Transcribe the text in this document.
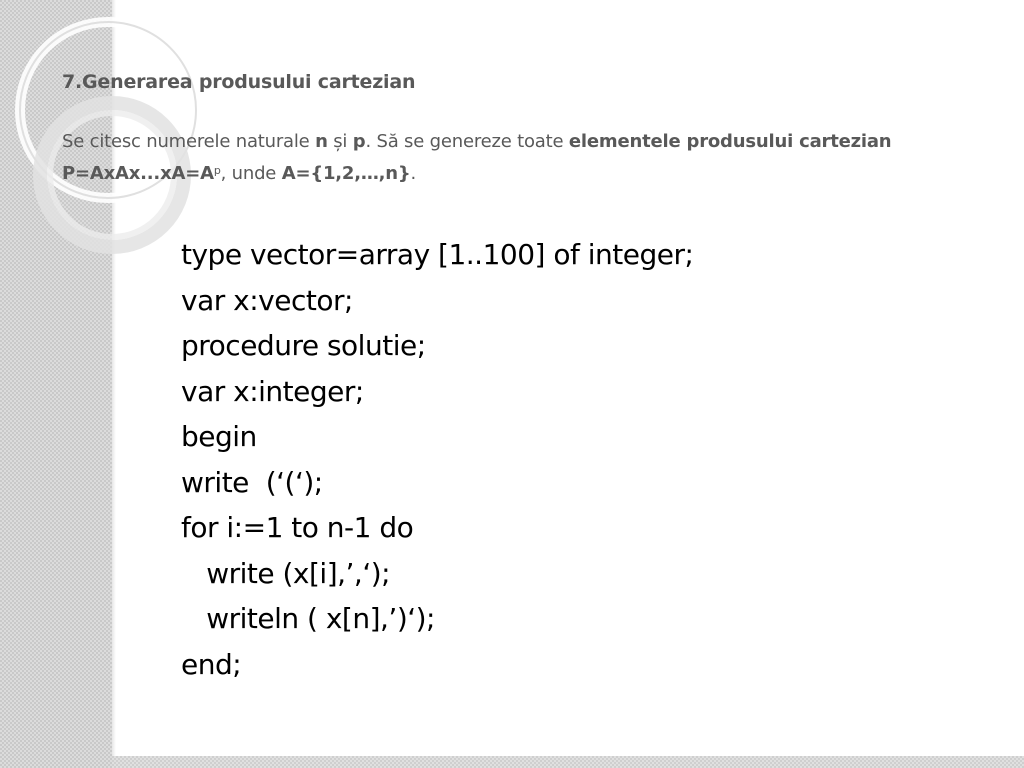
7.Generarea produsului cartezian

Se citesc numerele naturale n și p. Să se genereze toate elementele produsului cartezian $P=AxAx...xA=A^p$, unde A={1,2,…,n}.

type vector=array [1..100] of integer;
var x:vector;
procedure solutie;
var x:integer;
begin
write  (‘(‘);
for i:=1 to n-1 do
write (x[i],’,‘);
writeln ( x[n],’)‘);
end;
